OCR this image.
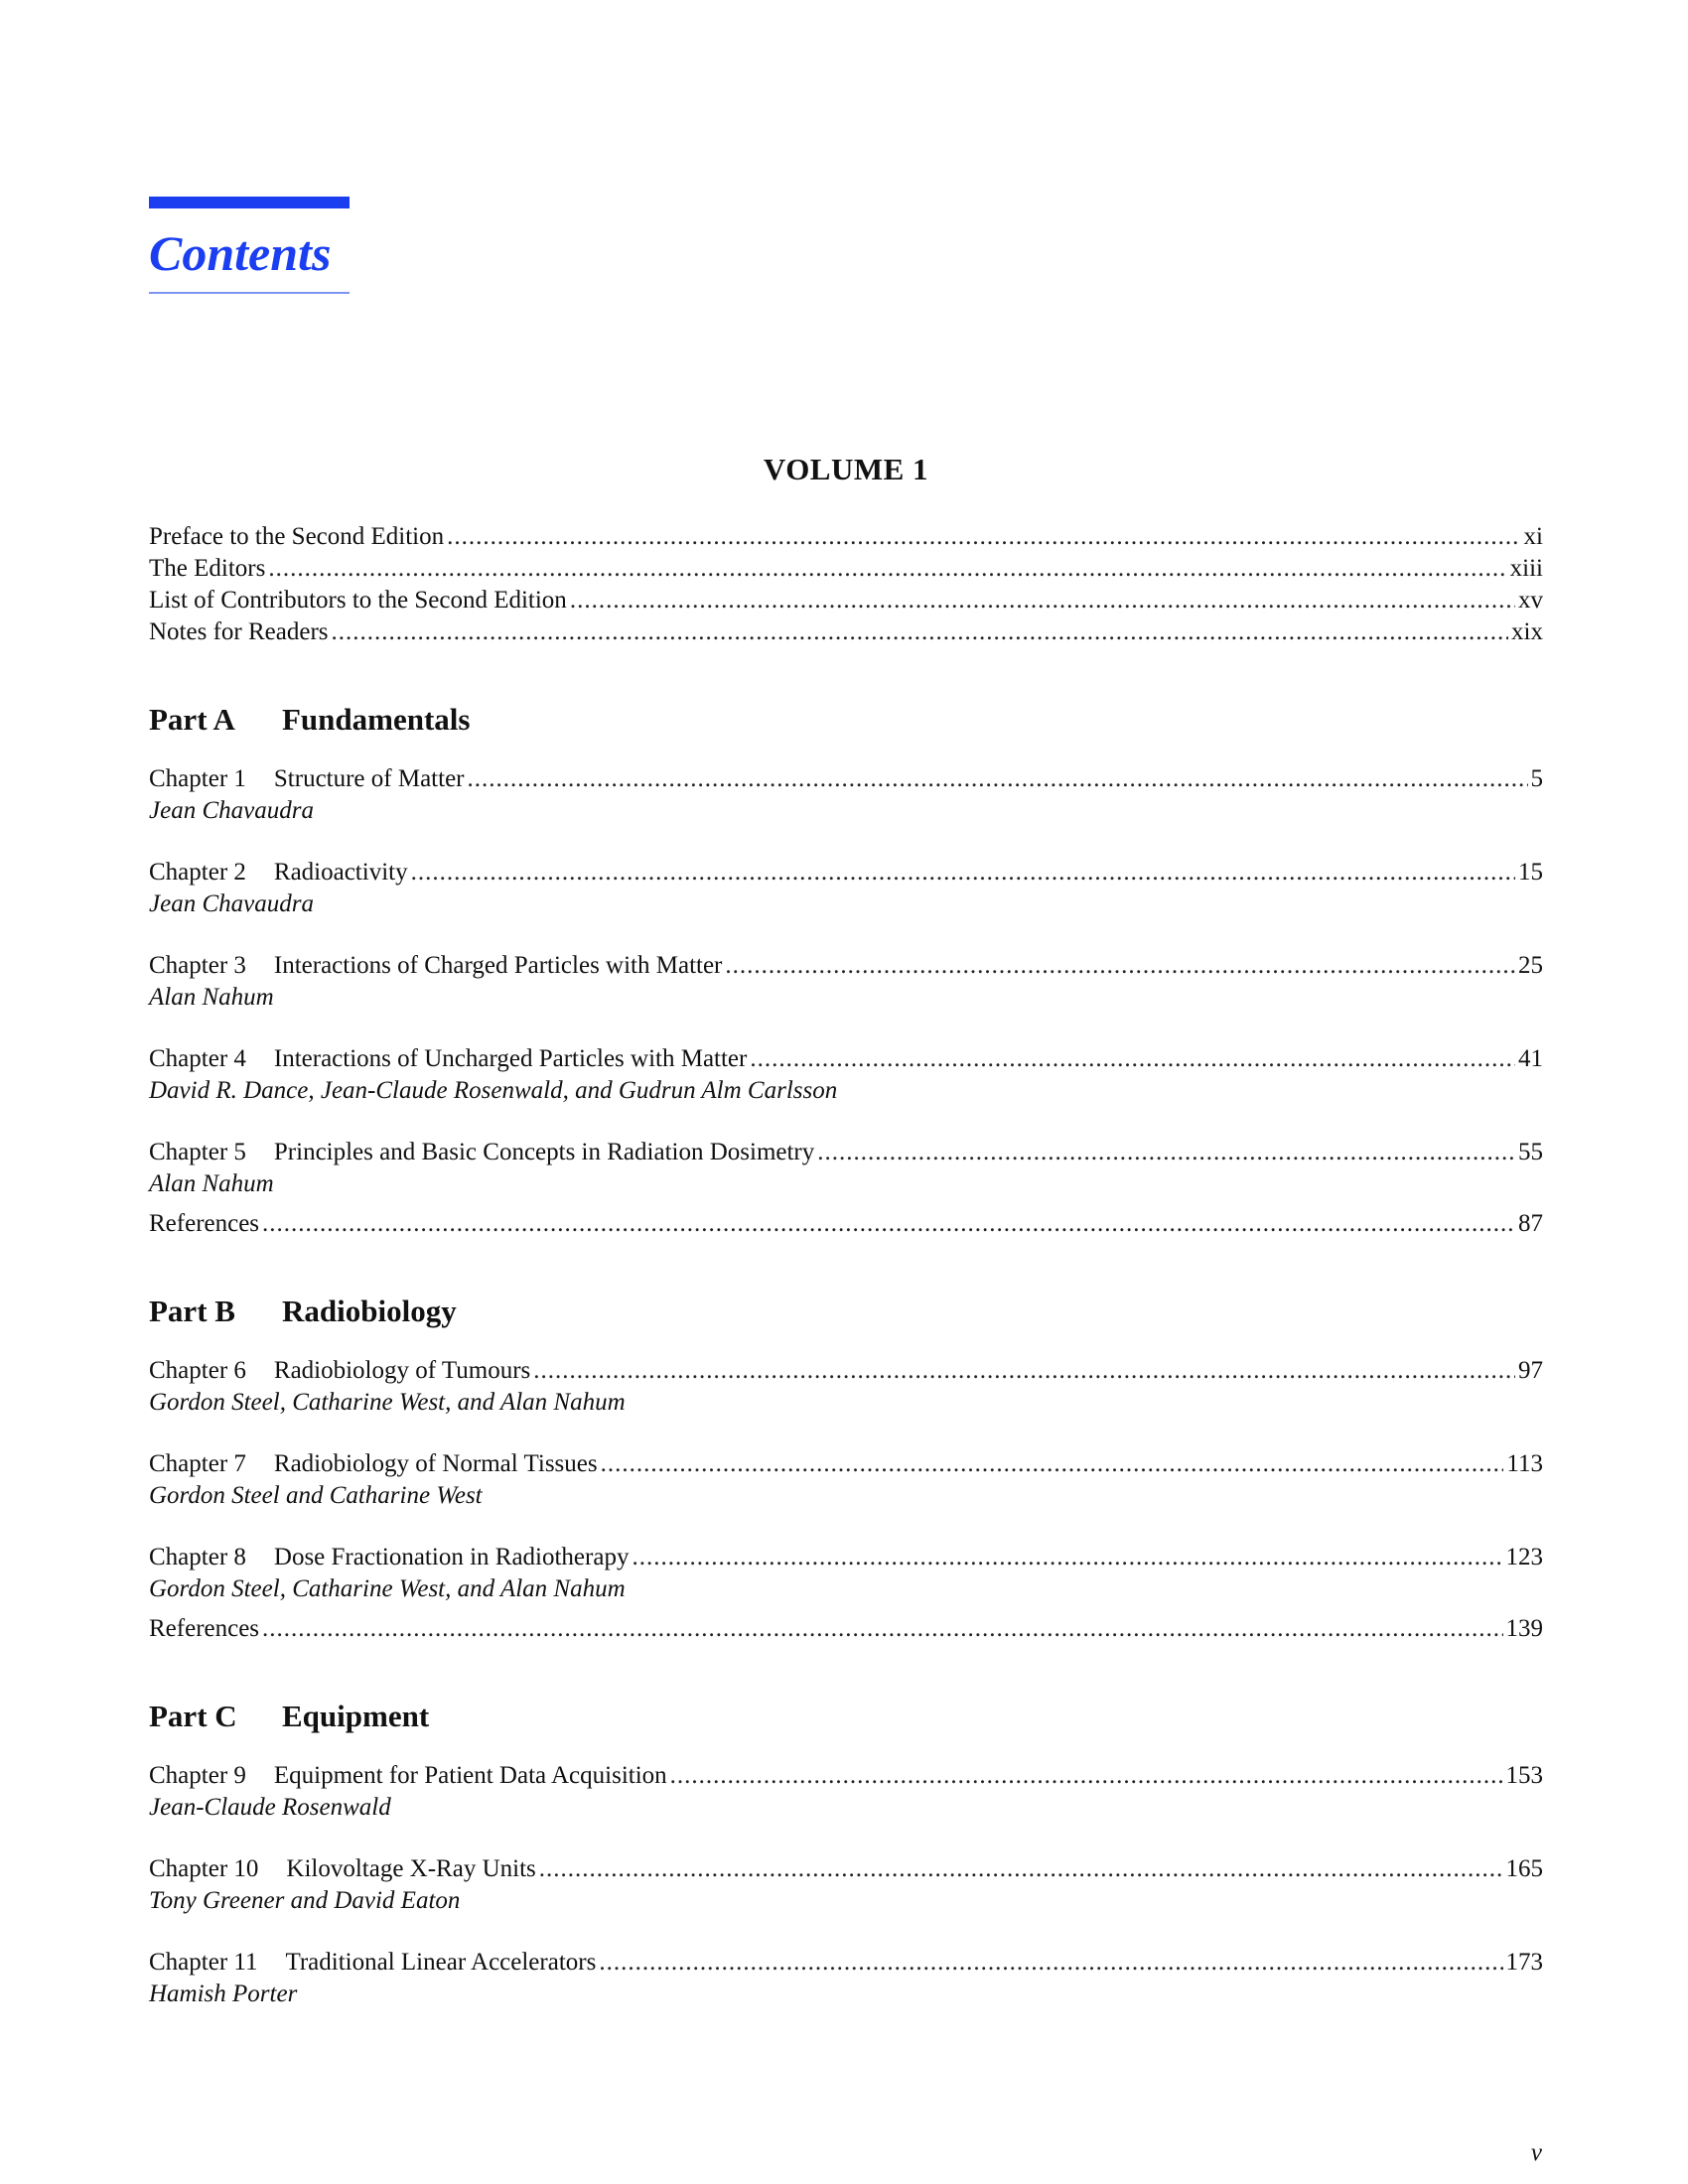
Contents
VOLUME 1
Preface to the Second Edition .....	xi
The Editors .....	xiii
List of Contributors to the Second Edition .....	xv
Notes for Readers .....	xix
Part A	Fundamentals
Chapter 1 Structure of Matter .....	5
Jean Chavaudra
Chapter 2 Radioactivity .....	15
Jean Chavaudra
Chapter 3 Interactions of Charged Particles with Matter .....	25
Alan Nahum
Chapter 4 Interactions of Uncharged Particles with Matter .....	41
David R. Dance, Jean-Claude Rosenwald, and Gudrun Alm Carlsson
Chapter 5 Principles and Basic Concepts in Radiation Dosimetry .....	55
Alan Nahum
References .....	87
Part B	Radiobiology
Chapter 6 Radiobiology of Tumours .....	97
Gordon Steel, Catharine West, and Alan Nahum
Chapter 7 Radiobiology of Normal Tissues .....	113
Gordon Steel and Catharine West
Chapter 8 Dose Fractionation in Radiotherapy .....	123
Gordon Steel, Catharine West, and Alan Nahum
References .....	139
Part C	Equipment
Chapter 9 Equipment for Patient Data Acquisition .....	153
Jean-Claude Rosenwald
Chapter 10 Kilovoltage X-Ray Units .....	165
Tony Greener and David Eaton
Chapter 11 Traditional Linear Accelerators .....	173
Hamish Porter
v
